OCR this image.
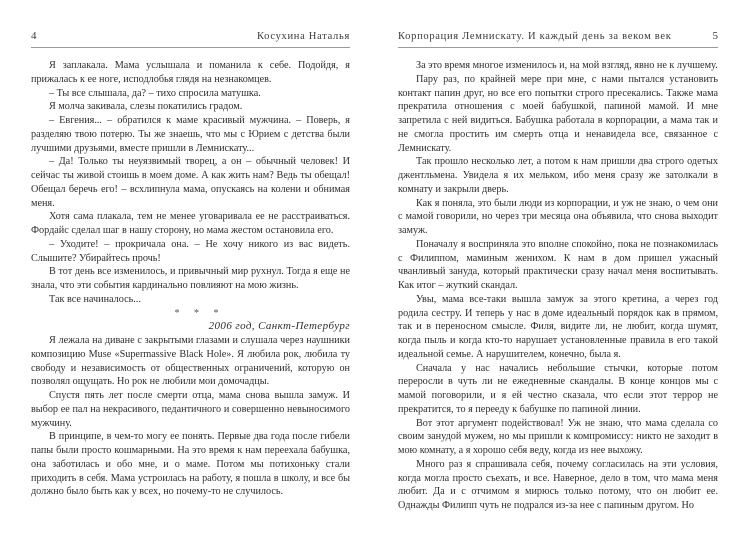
4	Косухина Наталья

Я заплакала. Мама услышала и поманила к себе. Подойдя, я прижалась к ее ноге, исподлобья глядя на незнакомцев.

– Ты все слышала, да? – тихо спросила матушка.

Я молча закивала, слезы покатились градом.

– Евгения... – обратился к маме красивый мужчина. – Поверь, я разделяю твою потерю. Ты же знаешь, что мы с Юрием с детства были лучшими друзьями, вместе пришли в Лемнискату...

– Да! Только ты неуязвимый творец, а он – обычный человек! И сейчас ты живой стоишь в моем доме. А как жить нам? Ведь ты обещал! Обещал беречь его! – всхлипнула мама, опускаясь на колени и обнимая меня.

Хотя сама плакала, тем не менее уговаривала ее не расстраиваться. Фордайс сделал шаг в нашу сторону, но мама жестом остановила его.

– Уходите! – прокричала она. – Не хочу никого из вас видеть. Слышите? Убирайтесь прочь!

В тот день все изменилось, и привычный мир рухнул. Тогда я еще не знала, что эти события кардинально повлияют на мою жизнь.

Так все начиналось...

* * *

2006 год, Санкт-Петербург

Я лежала на диване с закрытыми глазами и слушала через наушники композицию Muse «Supermassive Black Hole». Я любила рок, любила ту свободу и независимость от общественных ограничений, которую он позволял ощущать. Но рок не любили мои домочадцы.

Спустя пять лет после смерти отца, мама снова вышла замуж. И выбор ее пал на некрасивого, педантичного и совершенно невыносимого мужчину.

В принципе, в чем-то могу ее понять. Первые два года после гибели папы были просто кошмарными. На это время к нам переехала бабушка, она заботилась и обо мне, и о маме. Потом мы потихоньку стали приходить в себя. Мама устроилась на работу, я пошла в школу, и все бы должно было быть как у всех, но почему-то не случилось.

Корпорация Лемнискату. И каждый день за веком век	5

За это время многое изменилось и, на мой взгляд, явно не к лучшему.

Пару раз, по крайней мере при мне, с нами пытался установить контакт папин друг, но все его попытки строго пресекались. Также мама прекратила отношения с моей бабушкой, папиной мамой. И мне запретила с ней видиться. Бабушка работала в корпорации, а мама так и не смогла простить им смерть отца и ненавидела все, связанное с Лемнискату.

Так прошло несколько лет, а потом к нам пришли два строго одетых джентльмена. Увидела я их мельком, ибо меня сразу же затолкали в комнату и закрыли дверь.

Как я поняла, это были люди из корпорации, и уж не знаю, о чем они с мамой говорили, но через три месяца она объявила, что снова выходит замуж.

Поначалу я восприняла это вполне спокойно, пока не познакомилась с Филиппом, маминым женихом. К нам в дом пришел ужасный чванливый зануда, который практически сразу начал меня воспитывать. Как итог – жуткий скандал.

Увы, мама все-таки вышла замуж за этого кретина, а через год родила сестру. И теперь у нас в доме идеальный порядок как в прямом, так и в переносном смысле. Филя, видите ли, не любит, когда шумят, когда пыль и когда кто-то нарушает установленные правила в его такой идеальной семье. А нарушителем, конечно, была я.

Сначала у нас начались небольшие стычки, которые потом переросли в чуть ли не ежедневные скандалы. В конце концов мы с мамой поговорили, и я ей честно сказала, что если этот террор не прекратится, то я перееду к бабушке по папиной линии.

Вот этот аргумент подействовал! Уж не знаю, что мама сделала со своим занудой мужем, но мы пришли к компромиссу: никто не заходит в мою комнату, а я хорошо себя веду, когда из нее выхожу.

Много раз я спрашивала себя, почему согласилась на эти условия, когда могла просто съехать, и все. Наверное, дело в том, что мама меня любит. Да и с отчимом я мирюсь только потому, что он любит ее. Однажды Филипп чуть не подрался из-за нее с папиным другом. Но
